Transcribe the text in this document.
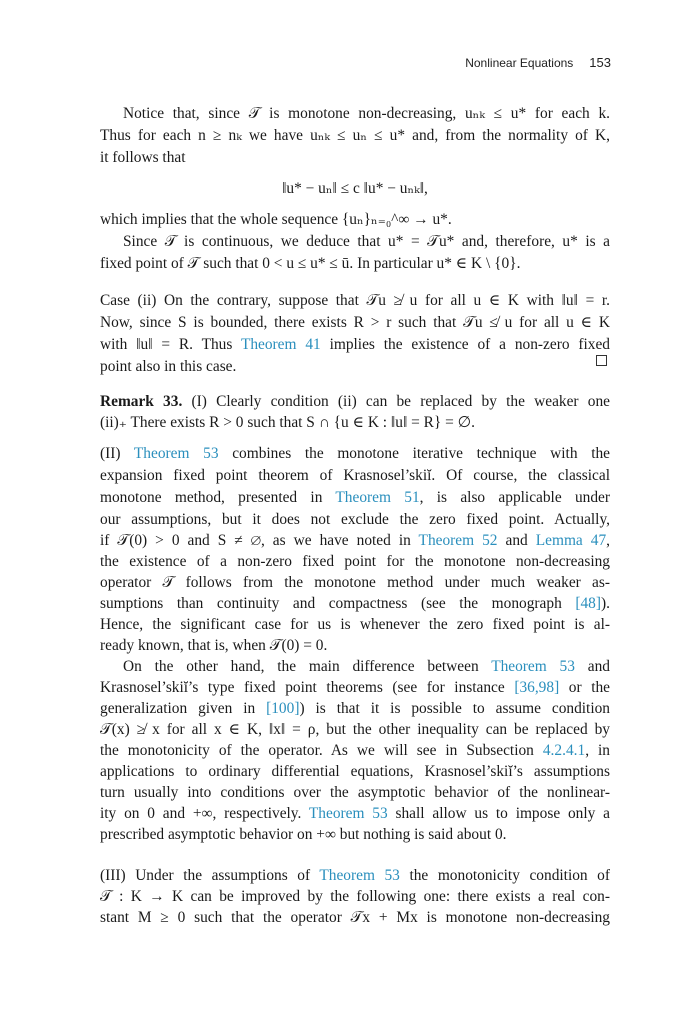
Nonlinear Equations 153
Notice that, since 𝒯 is monotone non-decreasing, uₙₖ ≤ u* for each k.
Thus for each n ≥ nₖ we have uₙₖ ≤ uₙ ≤ u* and, from the normality of K,
it follows that
‖u* − uₙ‖ ≤ c ‖u* − uₙₖ‖,
which implies that the whole sequence {uₙ}ₙ₌₀^∞ → u*.
Since 𝒯 is continuous, we deduce that u* = 𝒯u* and, therefore, u* is a
fixed point of 𝒯 such that 0 < u ≤ u* ≤ ū. In particular u* ∈ K \ {0}.
Case (ii) On the contrary, suppose that 𝒯u ≱ u for all u ∈ K with ‖u‖ = r.
Now, since S is bounded, there exists R > r such that 𝒯u ≰ u for all u ∈ K
with ‖u‖ = R. Thus Theorem 41 implies the existence of a non-zero fixed
point also in this case.
Remark 33. (I) Clearly condition (ii) can be replaced by the weaker one
(ii)₊ There exists R > 0 such that S ∩ {u ∈ K : ‖u‖ = R} = ∅.
(II) Theorem 53 combines the monotone iterative technique with the
expansion fixed point theorem of Krasnosel’skiĭ. Of course, the classical
monotone method, presented in Theorem 51, is also applicable under
our assumptions, but it does not exclude the zero fixed point. Actually,
if 𝒯(0) > 0 and S ≠ ∅, as we have noted in Theorem 52 and Lemma 47,
the existence of a non-zero fixed point for the monotone non-decreasing
operator 𝒯 follows from the monotone method under much weaker as-
sumptions than continuity and compactness (see the monograph [48]).
Hence, the significant case for us is whenever the zero fixed point is al-
ready known, that is, when 𝒯(0) = 0.
On the other hand, the main difference between Theorem 53 and
Krasnosel’skiĭ’s type fixed point theorems (see for instance [36,98] or the
generalization given in [100]) is that it is possible to assume condition
𝒯(x) ≱ x for all x ∈ K, ‖x‖ = ρ, but the other inequality can be replaced by
the monotonicity of the operator. As we will see in Subsection 4.2.4.1, in
applications to ordinary differential equations, Krasnosel’skiĭ’s assumptions
turn usually into conditions over the asymptotic behavior of the nonlinear-
ity on 0 and +∞, respectively. Theorem 53 shall allow us to impose only a
prescribed asymptotic behavior on +∞ but nothing is said about 0.
(III) Under the assumptions of Theorem 53 the monotonicity condition of
𝒯 : K → K can be improved by the following one: there exists a real con-
stant M ≥ 0 such that the operator 𝒯x + Mx is monotone non-decreasing
